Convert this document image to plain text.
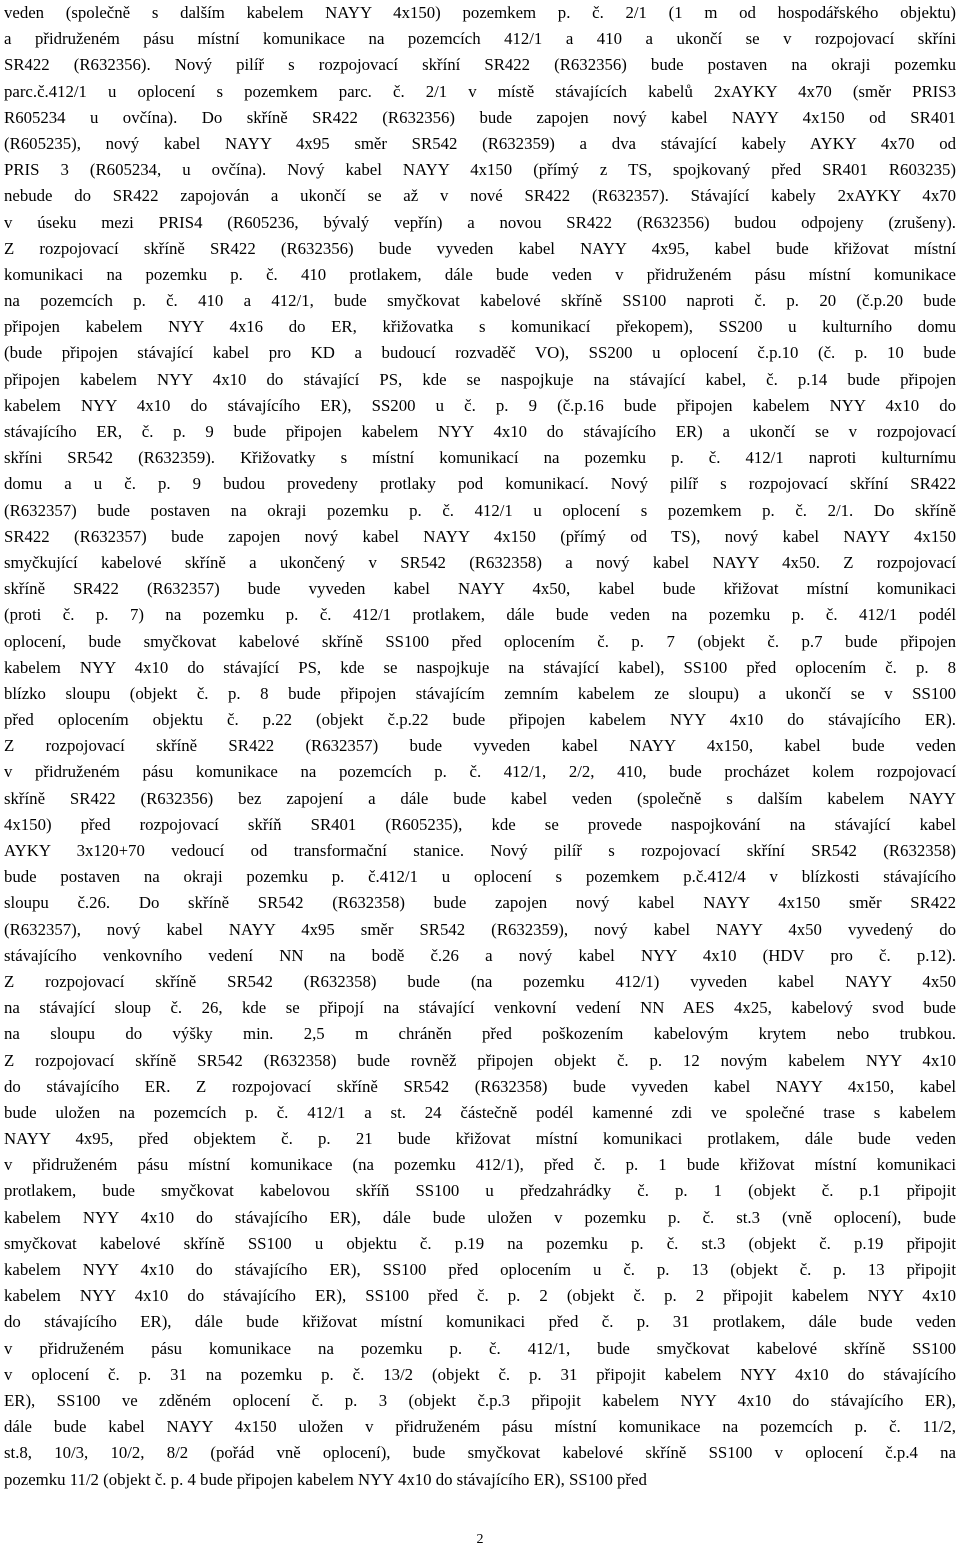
veden (společně s dalším kabelem NAYY 4x150) pozemkem p. č. 2/1 (1 m od hospodářského objektu)
a přidruženém pásu místní komunikace na pozemcích 412/1 a 410 a ukončí se v rozpojovací skříni
SR422 (R632356). Nový pilíř s rozpojovací skříní SR422 (R632356) bude postaven na okraji pozemku
parc.č.412/1 u oplocení s pozemkem parc. č. 2/1 v místě stávajících kabelů 2xAYKY 4x70 (směr PRIS3
R605234 u ovčína). Do skříně SR422 (R632356) bude zapojen nový kabel NAYY 4x150 od SR401
(R605235), nový kabel NAYY 4x95 směr SR542 (R632359) a dva stávající kabely AYKY 4x70 od
PRIS 3 (R605234, u ovčína). Nový kabel NAYY 4x150 (přímý z TS, spojkovaný před SR401 R603235)
nebude do SR422 zapojován a ukončí se až v nové SR422 (R632357). Stávající kabely 2xAYKY 4x70
v úseku mezi PRIS4 (R605236, bývalý vepřín) a novou SR422 (R632356) budou odpojeny (zrušeny).
Z rozpojovací skříně SR422 (R632356) bude vyveden kabel NAYY 4x95, kabel bude křižovat místní
komunikaci na pozemku p. č. 410 protlakem, dále bude veden v přidruženém pásu místní komunikace
na pozemcích p. č. 410 a 412/1, bude smyčkovat kabelové skříně SS100 naproti č. p. 20 (č.p.20 bude
připojen kabelem NYY 4x16 do ER, křižovatka s komunikací překopem), SS200 u kulturního domu
(bude připojen stávající kabel pro KD a budoucí rozvaděč VO), SS200 u oplocení č.p.10 (č. p. 10 bude
připojen kabelem NYY 4x10 do stávající PS, kde se naspojkuje na stávající kabel, č. p.14 bude připojen
kabelem NYY 4x10 do stávajícího ER), SS200 u č. p. 9 (č.p.16 bude připojen kabelem NYY 4x10 do
stávajícího ER, č. p. 9 bude připojen kabelem NYY 4x10 do stávajícího ER) a ukončí se v rozpojovací
skříni SR542 (R632359). Křižovatky s místní komunikací na pozemku p. č. 412/1 naproti kulturnímu
domu a u č. p. 9 budou provedeny protlaky pod komunikací. Nový pilíř s rozpojovací skříní SR422
(R632357) bude postaven na okraji pozemku p. č. 412/1 u oplocení s pozemkem p. č. 2/1. Do skříně
SR422 (R632357) bude zapojen nový kabel NAYY 4x150 (přímý od TS), nový kabel NAYY 4x150
smyčkující kabelové skříně a ukončený v SR542 (R632358) a nový kabel NAYY 4x50. Z rozpojovací
skříně SR422 (R632357) bude vyveden kabel NAYY 4x50, kabel bude křižovat místní komunikaci
(proti č. p. 7) na pozemku p. č. 412/1 protlakem, dále bude veden na pozemku p. č. 412/1 podél
oplocení, bude smyčkovat kabelové skříně SS100 před oplocením č. p. 7 (objekt č. p.7 bude připojen
kabelem NYY 4x10 do stávající PS, kde se naspojkuje na stávající kabel), SS100 před oplocením č. p. 8
blízko sloupu (objekt č. p. 8 bude připojen stávajícím zemním kabelem ze sloupu) a ukončí se v SS100
před oplocením objektu č. p.22 (objekt č.p.22 bude připojen kabelem NYY 4x10 do stávajícího ER).
Z rozpojovací skříně SR422 (R632357) bude vyveden kabel NAYY 4x150, kabel bude veden
v přidruženém pásu komunikace na pozemcích p. č. 412/1, 2/2, 410, bude procházet kolem rozpojovací
skříně SR422 (R632356) bez zapojení a dále bude kabel veden (společně s dalším kabelem NAYY
4x150) před rozpojovací skříň SR401 (R605235), kde se provede naspojkování na stávající kabel
AYKY 3x120+70 vedoucí od transformační stanice. Nový pilíř s rozpojovací skříní SR542 (R632358)
bude postaven na okraji pozemku p. č.412/1 u oplocení s pozemkem p.č.412/4 v blízkosti stávajícího
sloupu č.26. Do skříně SR542 (R632358) bude zapojen nový kabel NAYY 4x150 směr SR422
(R632357), nový kabel NAYY 4x95 směr SR542 (R632359), nový kabel NAYY 4x50 vyvedený do
stávajícího venkovního vedení NN na bodě č.26 a nový kabel NYY 4x10 (HDV pro č. p.12).
Z rozpojovací skříně SR542 (R632358) bude (na pozemku 412/1) vyveden kabel NAYY 4x50
na stávající sloup č. 26, kde se připojí na stávající venkovní vedení NN AES 4x25, kabelový svod bude
na sloupu do výšky min. 2,5 m chráněn před poškozením kabelovým krytem nebo trubkou.
Z rozpojovací skříně SR542 (R632358) bude rovněž připojen objekt č. p. 12 novým kabelem NYY 4x10
do stávajícího ER. Z rozpojovací skříně SR542 (R632358) bude vyveden kabel NAYY 4x150, kabel
bude uložen na pozemcích p. č. 412/1 a st. 24 částečně podél kamenné zdi ve společné trase s kabelem
NAYY 4x95, před objektem č. p. 21 bude křižovat místní komunikaci protlakem, dále bude veden
v přidruženém pásu místní komunikace (na pozemku 412/1), před č. p. 1 bude křižovat místní komunikaci
protlakem, bude smyčkovat kabelovou skříň SS100 u předzahrádky č. p. 1 (objekt č. p.1 připojit
kabelem NYY 4x10 do stávajícího ER), dále bude uložen v pozemku p. č. st.3 (vně oplocení), bude
smyčkovat kabelové skříně SS100 u objektu č. p.19 na pozemku p. č. st.3 (objekt č. p.19 připojit
kabelem NYY 4x10 do stávajícího ER), SS100 před oplocením u č. p. 13 (objekt č. p. 13 připojit
kabelem NYY 4x10 do stávajícího ER), SS100 před č. p. 2 (objekt č. p. 2 připojit kabelem NYY 4x10
do stávajícího ER), dále bude křižovat místní komunikaci před č. p. 31 protlakem, dále bude veden
v přidruženém pásu komunikace na pozemku p. č. 412/1, bude smyčkovat kabelové skříně SS100
v oplocení č. p. 31 na pozemku p. č. 13/2 (objekt č. p. 31 připojit kabelem NYY 4x10 do stávajícího
ER), SS100 ve zděném oplocení č. p. 3 (objekt č.p.3 připojit kabelem NYY 4x10 do stávajícího ER),
dále bude kabel NAYY 4x150 uložen v přidruženém pásu místní komunikace na pozemcích p. č. 11/2,
st.8, 10/3, 10/2, 8/2 (pořád vně oplocení), bude smyčkovat kabelové skříně SS100 v oplocení č.p.4 na
pozemku 11/2 (objekt č. p. 4 bude připojen kabelem NYY 4x10 do stávajícího ER), SS100 před
2
